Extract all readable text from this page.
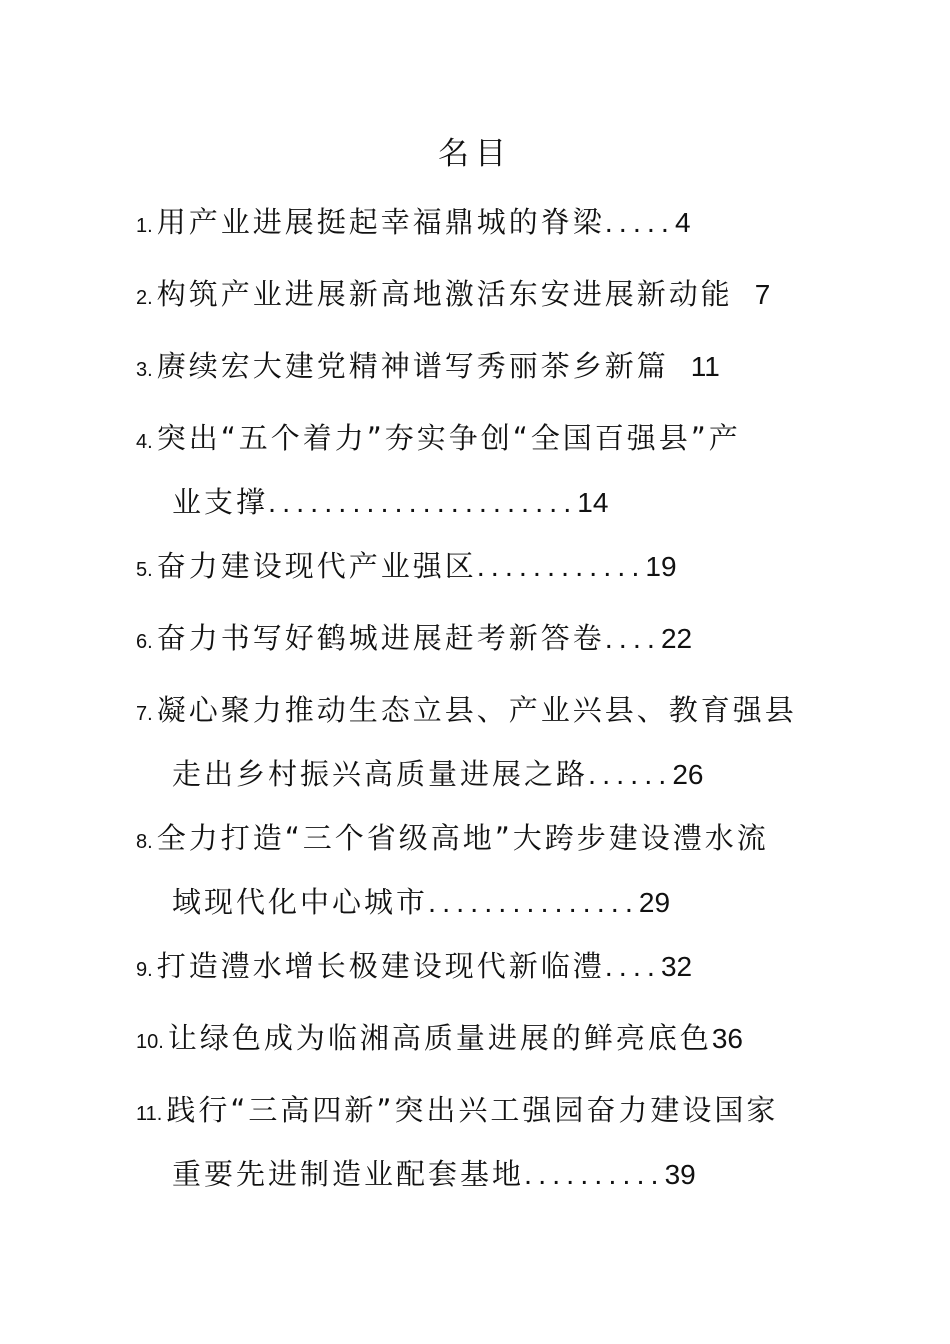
名目
1. 用产业进展挺起幸福鼎城的脊梁.....4
2. 构筑产业进展新高地激活东安进展新动能 7
3. 赓续宏大建党精神谱写秀丽茶乡新篇 11
4. 突出“五个着力”夯实争创“全国百强县”产
业支撑......................14
5. 奋力建设现代产业强区............19
6. 奋力书写好鹤城进展赶考新答卷....22
7. 凝心聚力推动生态立县、产业兴县、教育强县
走出乡村振兴高质量进展之路......26
8. 全力打造“三个省级高地”大跨步建设澧水流
域现代化中心城市...............29
9. 打造澧水增长极建设现代新临澧....32
10. 让绿色成为临湘高质量进展的鲜亮底色36
11. 践行“三高四新”突出兴工强园奋力建设国家
重要先进制造业配套基地..........39
